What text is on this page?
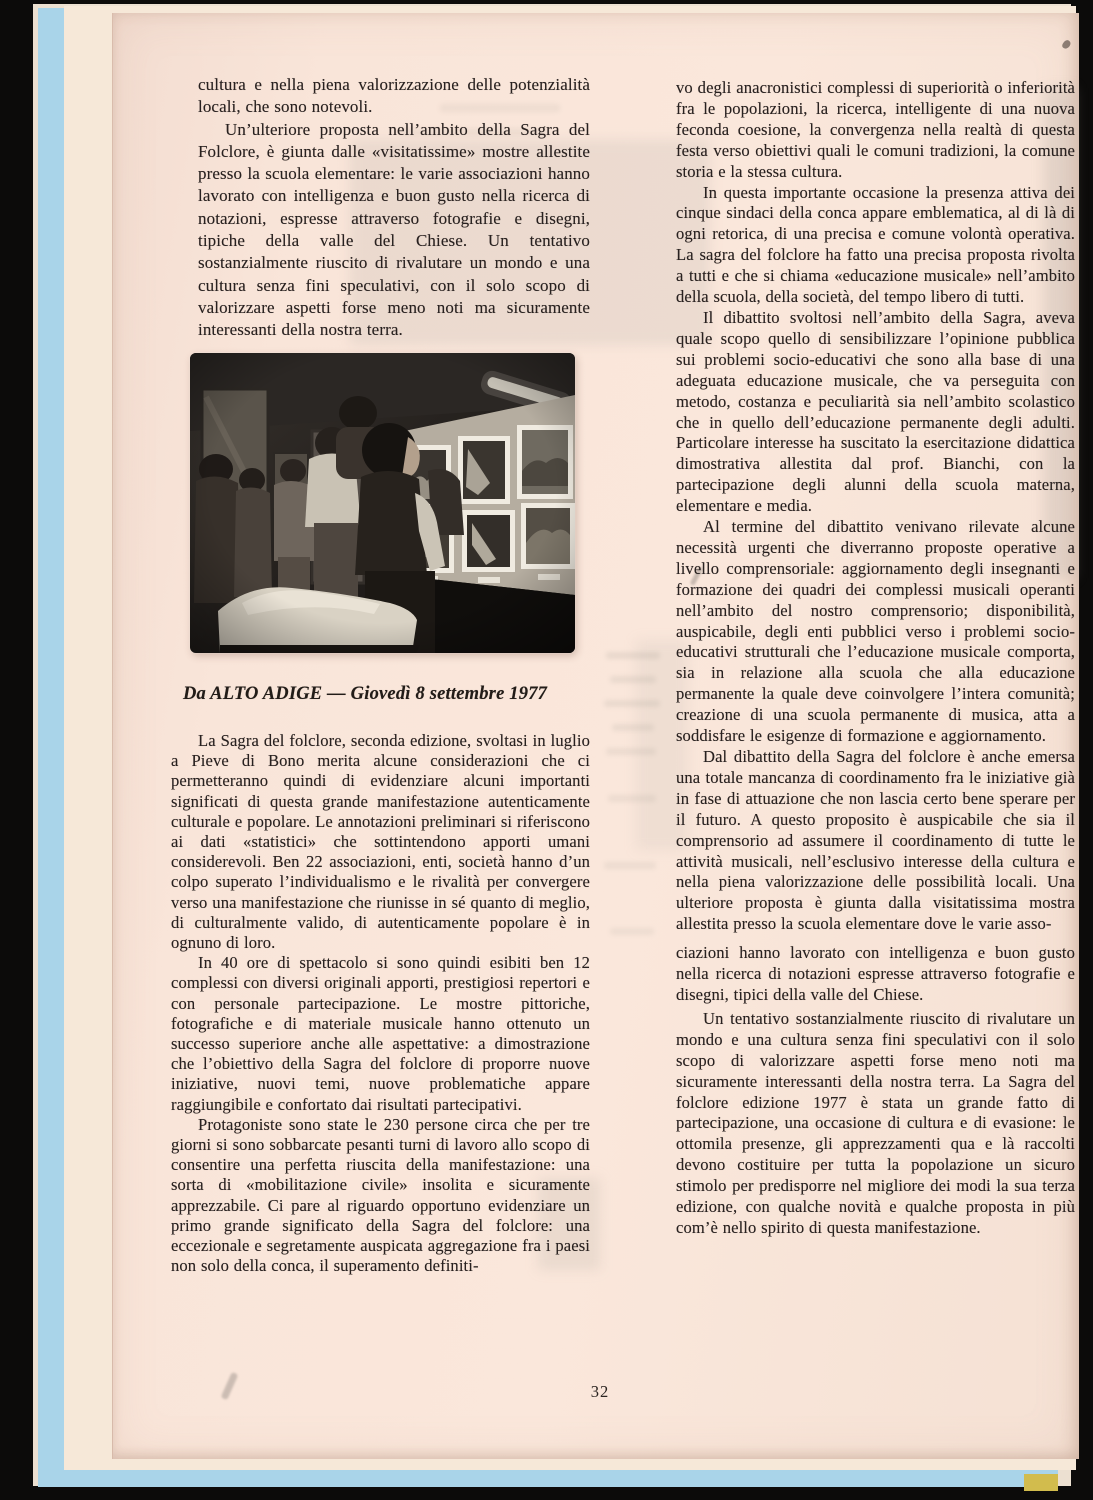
cultura e nella piena valorizzazione delle potenzialità locali, che sono notevoli.

Un’ulteriore proposta nell’ambito della Sagra del Folclore, è giunta dalle «visitatissime» mostre allestite presso la scuola elementare: le varie associazioni hanno lavorato con intelligenza e buon gusto nella ricerca di notazioni, espresse attraverso fotografie e disegni, tipiche della valle del Chiese. Un tentativo sostanzialmente riuscito di rivalutare un mondo e una cultura senza fini speculativi, con il solo scopo di valorizzare aspetti forse meno noti ma sicuramente interessanti della nostra terra.

Da ALTO ADIGE — Giovedì 8 settembre 1977

La Sagra del folclore, seconda edizione, svoltasi in luglio a Pieve di Bono merita alcune considerazioni che ci permetteranno quindi di evidenziare alcuni importanti significati di questa grande manifestazione autenticamente culturale e popolare. Le annotazioni preliminari si riferiscono ai dati «statistici» che sottintendono apporti umani considerevoli. Ben 22 associazioni, enti, società hanno d’un colpo superato l’individualismo e le rivalità per convergere verso una manifestazione che riunisse in sé quanto di meglio, di culturalmente valido, di autenticamente popolare è in ognuno di loro.

In 40 ore di spettacolo si sono quindi esibiti ben 12 complessi con diversi originali apporti, prestigiosi repertori e con personale partecipazione. Le mostre pittoriche, fotografiche e di materiale musicale hanno ottenuto un successo superiore anche alle aspettative: a dimostrazione che l’obiettivo della Sagra del folclore di proporre nuove iniziative, nuovi temi, nuove problematiche appare raggiungibile e confortato dai risultati partecipativi.

Protagoniste sono state le 230 persone circa che per tre giorni si sono sobbarcate pesanti turni di lavoro allo scopo di consentire una perfetta riuscita della manifestazione: una sorta di «mobilitazione civile» insolita e sicuramente apprezzabile. Ci pare al riguardo opportuno evidenziare un primo grande significato della Sagra del folclore: una eccezionale e segretamente auspicata aggregazione fra i paesi non solo della conca, il superamento definiti-

vo degli anacronistici complessi di superiorità o inferiorità fra le popolazioni, la ricerca, intelligente di una nuova feconda coesione, la convergenza nella realtà di questa festa verso obiettivi quali le comuni tradizioni, la comune storia e la stessa cultura.

In questa importante occasione la presenza attiva dei cinque sindaci della conca appare emblematica, al di là di ogni retorica, di una precisa e comune volontà operativa. La sagra del folclore ha fatto una precisa proposta rivolta a tutti e che si chiama «educazione musicale» nell’ambito della scuola, della società, del tempo libero di tutti.

Il dibattito svoltosi nell’ambito della Sagra, aveva quale scopo quello di sensibilizzare l’opinione pubblica sui problemi socio-educativi che sono alla base di una adeguata educazione musicale, che va perseguita con metodo, costanza e peculiarità sia nell’ambito scolastico che in quello dell’educazione permanente degli adulti. Particolare interesse ha suscitato la esercitazione didattica dimostrativa allestita dal prof. Bianchi, con la partecipazione degli alunni della scuola materna, elementare e media.

Al termine del dibattito venivano rilevate alcune necessità urgenti che diverranno proposte operative a livello comprensoriale: aggiornamento degli insegnanti e formazione dei quadri dei complessi musicali operanti nell’ambito del nostro comprensorio; disponibilità, auspicabile, degli enti pubblici verso i problemi socio-educativi strutturali che l’educazione musicale comporta, sia in relazione alla scuola che alla educazione permanente la quale deve coinvolgere l’intera comunità; creazione di una scuola permanente di musica, atta a soddisfare le esigenze di formazione e aggiornamento.

Dal dibattito della Sagra del folclore è anche emersa una totale mancanza di coordinamento fra le iniziative già in fase di attuazione che non lascia certo bene sperare per il futuro. A questo proposito è auspicabile che sia il comprensorio ad assumere il coordinamento di tutte le attività musicali, nell’esclusivo interesse della cultura e nella piena valorizzazione delle possibilità locali. Una ulteriore proposta è giunta dalla visitatissima mostra allestita presso la scuola elementare dove le varie asso-

ciazioni hanno lavorato con intelligenza e buon gusto nella ricerca di notazioni espresse attraverso fotografie e disegni, tipici della valle del Chiese.

Un tentativo sostanzialmente riuscito di rivalutare un mondo e una cultura senza fini speculativi con il solo scopo di valorizzare aspetti forse meno noti ma sicuramente interessanti della nostra terra. La Sagra del folclore edizione 1977 è stata un grande fatto di partecipazione, una occasione di cultura e di evasione: le ottomila presenze, gli apprezzamenti qua e là raccolti devono costituire per tutta la popolazione un sicuro stimolo per predisporre nel migliore dei modi la sua terza edizione, con qualche novità e qualche proposta in più com’è nello spirito di questa manifestazione.

32
